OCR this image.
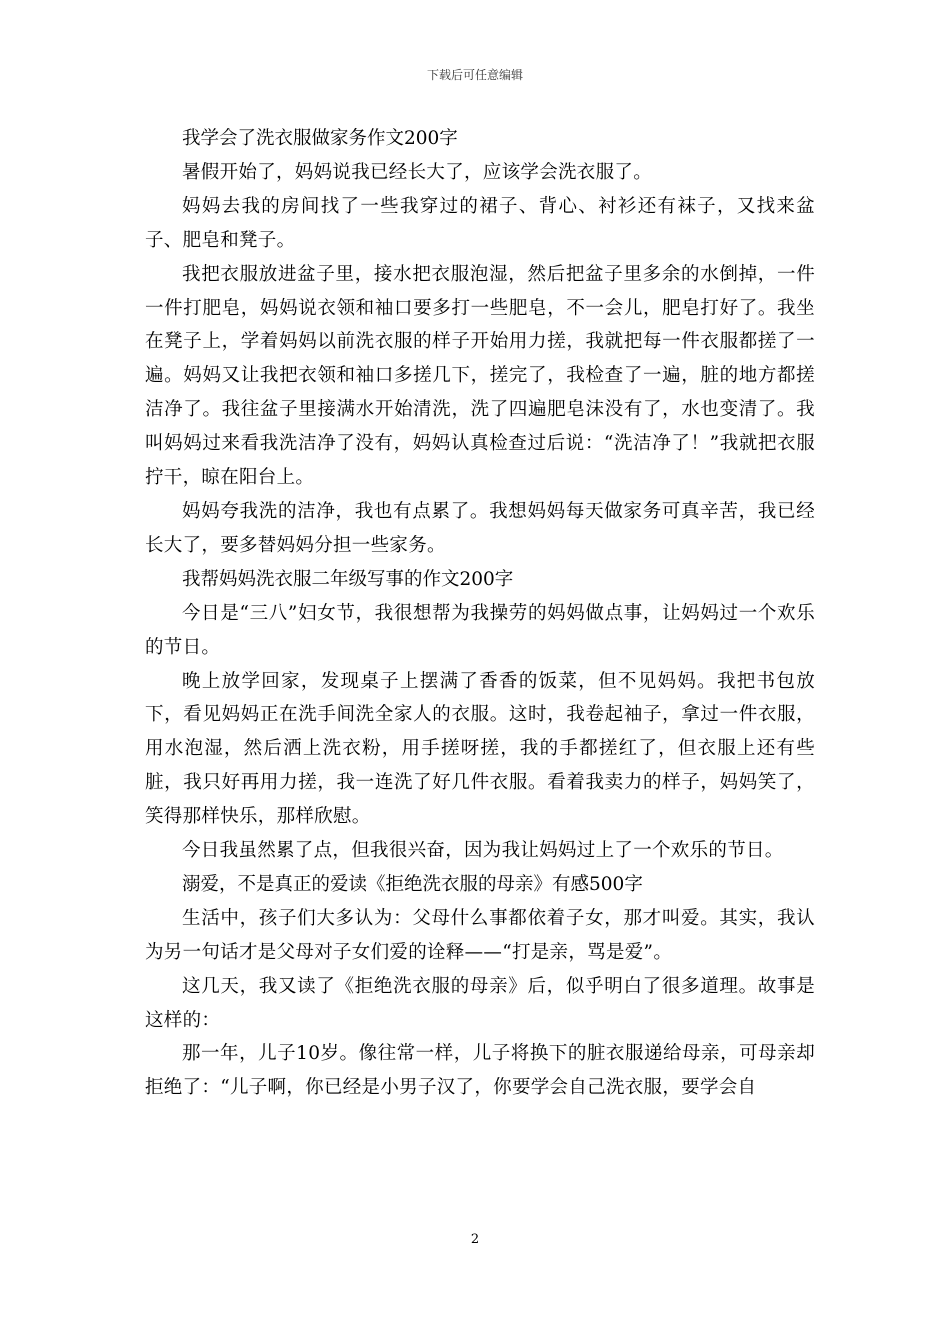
下载后可任意编辑

我学会了洗衣服做家务作文200字

暑假开始了，妈妈说我已经长大了，应该学会洗衣服了。

妈妈去我的房间找了一些我穿过的裙子、背心、衬衫还有袜子，又找来盆子、肥皂和凳子。

我把衣服放进盆子里，接水把衣服泡湿，然后把盆子里多余的水倒掉，一件一件打肥皂，妈妈说衣领和袖口要多打一些肥皂，不一会儿，肥皂打好了。我坐在凳子上，学着妈妈以前洗衣服的样子开始用力搓，我就把每一件衣服都搓了一遍。妈妈又让我把衣领和袖口多搓几下，搓完了，我检查了一遍，脏的地方都搓洁净了。我往盆子里接满水开始清洗，洗了四遍肥皂沫没有了，水也变清了。我叫妈妈过来看我洗洁净了没有，妈妈认真检查过后说：“洗洁净了！”我就把衣服拧干，晾在阳台上。

妈妈夸我洗的洁净，我也有点累了。我想妈妈每天做家务可真辛苦，我已经长大了，要多替妈妈分担一些家务。

我帮妈妈洗衣服二年级写事的作文200字

今日是“三八”妇女节，我很想帮为我操劳的妈妈做点事，让妈妈过一个欢乐的节日。

晚上放学回家，发现桌子上摆满了香香的饭菜，但不见妈妈。我把书包放下，看见妈妈正在洗手间洗全家人的衣服。这时，我卷起袖子，拿过一件衣服，用水泡湿，然后洒上洗衣粉，用手搓呀搓，我的手都搓红了，但衣服上还有些脏，我只好再用力搓，我一连洗了好几件衣服。看着我卖力的样子，妈妈笑了，笑得那样快乐，那样欣慰。

今日我虽然累了点，但我很兴奋，因为我让妈妈过上了一个欢乐的节日。

溺爱，不是真正的爱读《拒绝洗衣服的母亲》有感500字

生活中，孩子们大多认为：父母什么事都依着子女，那才叫爱。其实，我认为另一句话才是父母对子女们爱的诠释——“打是亲，骂是爱”。

这几天，我又读了《拒绝洗衣服的母亲》后，似乎明白了很多道理。故事是这样的：

那一年，儿子10岁。像往常一样，儿子将换下的脏衣服递给母亲，可母亲却拒绝了：“儿子啊，你已经是小男子汉了，你要学会自己洗衣服，要学会自

2
